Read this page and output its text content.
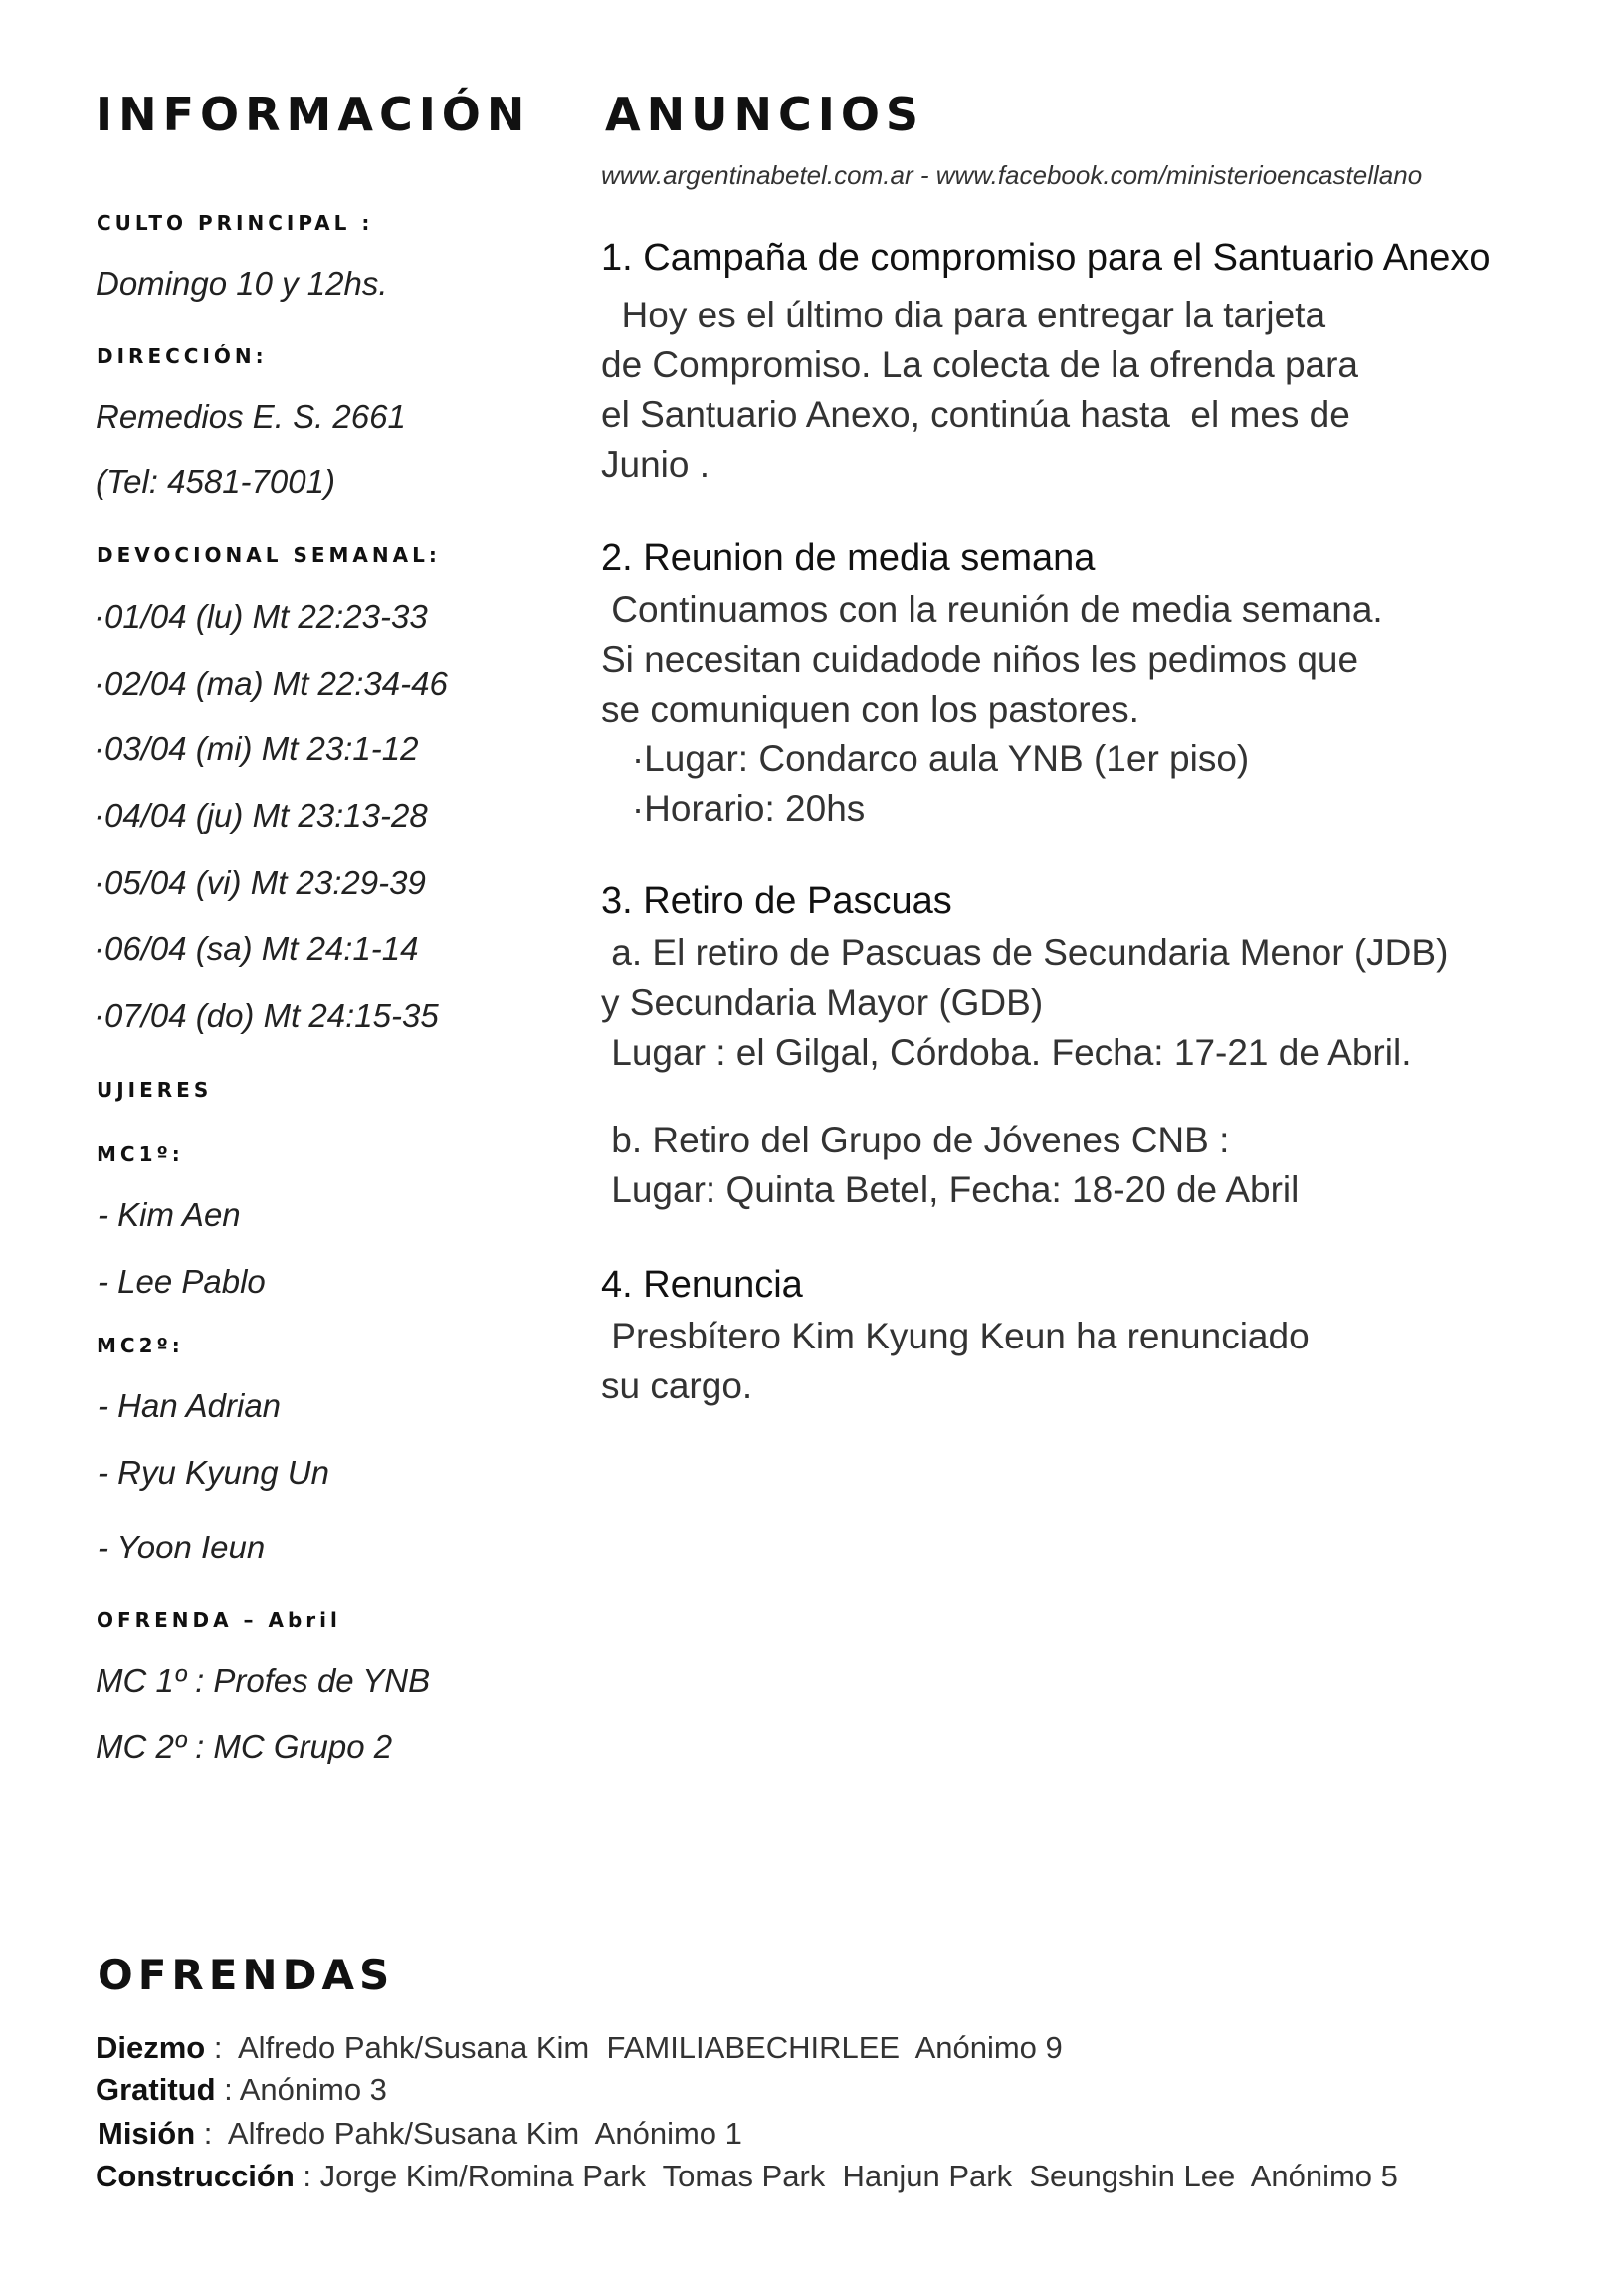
INFORMACIÓN
CULTO PRINCIPAL :
Domingo 10 y 12hs.
DIRECCIÓN:
Remedios E. S. 2661
(Tel: 4581-7001)
DEVOCIONAL SEMANAL:
·01/04 (lu) Mt 22:23-33
·02/04 (ma) Mt 22:34-46
·03/04 (mi) Mt 23:1-12
·04/04 (ju) Mt 23:13-28
·05/04 (vi) Mt 23:29-39
·06/04 (sa) Mt 24:1-14
·07/04 (do) Mt 24:15-35
UJIERES
MC1º:
- Kim Aen
- Lee Pablo
MC2º:
- Han Adrian
- Ryu Kyung Un
- Yoon Ieun
OFRENDA – Abril
MC 1º : Profes de YNB
MC 2º : MC Grupo 2
ANUNCIOS
www.argentinabetel.com.ar - www.facebook.com/ministerioencastellano
1. Campaña de compromiso para el Santuario Anexo
Hoy es el último dia para entregar la tarjeta
de Compromiso. La colecta de la ofrenda para
el Santuario Anexo, continúa hasta  el mes de
Junio .
2. Reunion de media semana
Continuamos con la reunión de media semana.
Si necesitan cuidadode niños les pedimos que
se comuniquen con los pastores.
·Lugar: Condarco aula YNB (1er piso)
·Horario: 20hs
3. Retiro de Pascuas
a. El retiro de Pascuas de Secundaria Menor (JDB)
y Secundaria Mayor (GDB)
Lugar : el Gilgal, Córdoba. Fecha: 17-21 de Abril.
b. Retiro del Grupo de Jóvenes CNB :
Lugar: Quinta Betel, Fecha: 18-20 de Abril
4. Renuncia
Presbítero Kim Kyung Keun ha renunciado
su cargo.
OFRENDAS
Diezmo :  Alfredo Pahk/Susana Kim  FAMILIABECHIRLEE  Anónimo 9
Gratitud : Anónimo 3
Misión :  Alfredo Pahk/Susana Kim  Anónimo 1
Construcción : Jorge Kim/Romina Park  Tomas Park  Hanjun Park  Seungshin Lee  Anónimo 5
